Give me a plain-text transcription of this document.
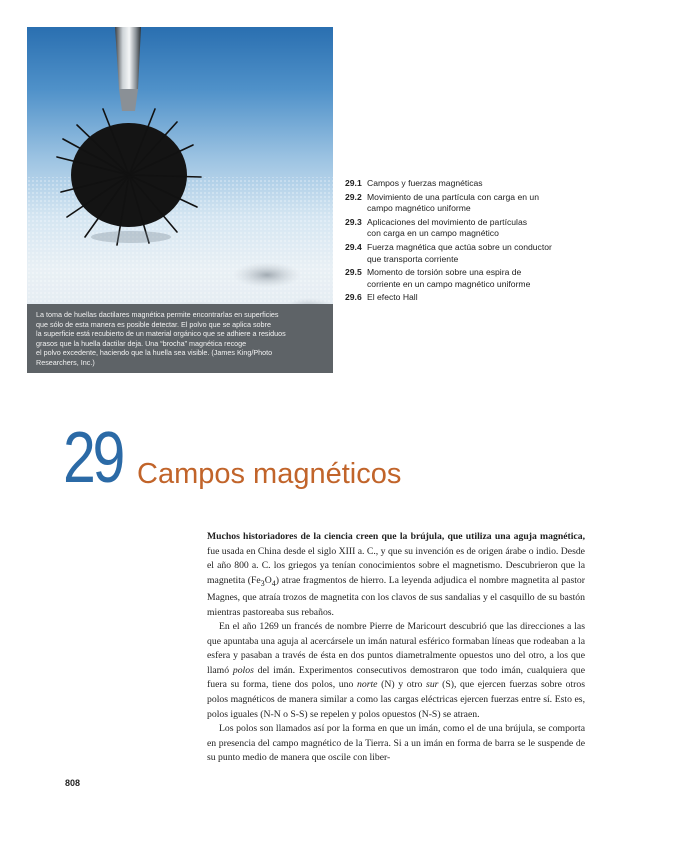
La toma de huellas dactilares magnética permite encontrarlas en superficies
que sólo de esta manera es posible detectar. El polvo que se aplica sobre
la superficie está recubierto de un material orgánico que se adhiere a residuos
grasos que la huella dactilar deja. Una “brocha” magnética recoge
el polvo excedente, haciendo que la huella sea visible. (James King/Photo
Researchers, Inc.)
29.1 Campos y fuerzas magnéticas
29.2 Movimiento de una partícula con carga en un
campo magnético uniforme
29.3 Aplicaciones del movimiento de partículas
con carga en un campo magnético
29.4 Fuerza magnética que actúa sobre un conductor
que transporta corriente
29.5 Momento de torsión sobre una espira de
corriente en un campo magnético uniforme
29.6 El efecto Hall
29 Campos magnéticos

Muchos historiadores de la ciencia creen que la brújula, que utiliza una aguja magnética, fue usada en China desde el siglo XIII a. C., y que su invención es de origen árabe o indio. Desde el año 800 a. C. los griegos ya tenían conocimientos sobre el magnetismo. Descubrieron que la magnetita $(Fe_3O_4)$ atrae fragmentos de hierro. La leyenda adjudica el nombre magnetita al pastor Magnes, que atraía trozos de magnetita con los clavos de sus sandalias y el casquillo de su bastón mientras pastoreaba sus rebaños.

En el año 1269 un francés de nombre Pierre de Maricourt descubrió que las direcciones a las que apuntaba una aguja al acercársele un imán natural esférico formaban líneas que rodeaban a la esfera y pasaban a través de ésta en dos puntos diametralmente opuestos uno del otro, a los que llamó polos del imán. Experimentos consecutivos demostraron que todo imán, cualquiera que fuera su forma, tiene dos polos, uno norte (N) y otro sur (S), que ejercen fuerzas sobre otros polos magnéticos de manera similar a como las cargas eléctricas ejercen fuerzas entre sí. Esto es, polos iguales (N-N o S-S) se repelen y polos opuestos (N-S) se atraen.

Los polos son llamados así por la forma en que un imán, como el de una brújula, se comporta en presencia del campo magnético de la Tierra. Si a un imán en forma de barra se le suspende de su punto medio de manera que oscile con liber-

808
